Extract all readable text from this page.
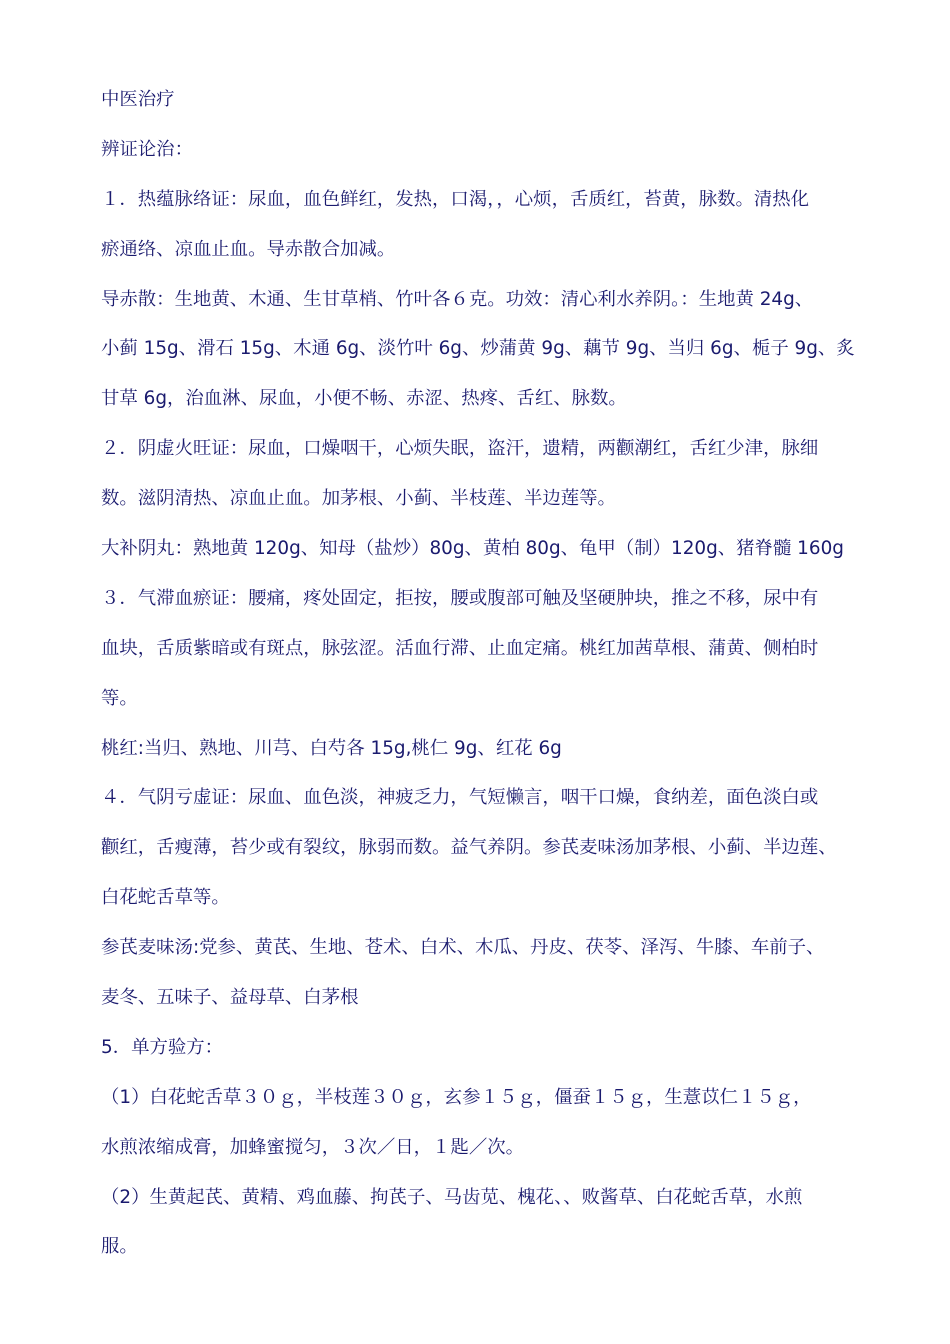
中医治疗
辨证论治：
１．热蕴脉络证：尿血，血色鲜红，发热，口渴，，心烦，舌质红，苔黄，脉数。清热化
瘀通络、凉血止血。导赤散合加减。
导赤散：生地黄、木通、生甘草梢、竹叶各６克。功效：清心利水养阴。：生地黄 24g、
小蓟 15g、滑石 15g、木通 6g、淡竹叶 6g、炒蒲黄 9g、藕节 9g、当归 6g、栀子 9g、炙
甘草 6g，治血淋、尿血，小便不畅、赤涩、热疼、舌红、脉数。
２．阴虚火旺证：尿血，口燥咽干，心烦失眠，盗汗，遗精，两颧潮红，舌红少津，脉细
数。滋阴清热、凉血止血。加茅根、小蓟、半枝莲、半边莲等。
大补阴丸：熟地黄 120g、知母（盐炒）80g、黄柏 80g、龟甲（制）120g、猪脊髓 160g
３．气滞血瘀证：腰痛，疼处固定，拒按，腰或腹部可触及坚硬肿块，推之不移，尿中有
血块，舌质紫暗或有斑点，脉弦涩。活血行滞、止血定痛。桃红加茜草根、蒲黄、侧柏时
等。
桃红:当归、熟地、川芎、白芍各 15g,桃仁 9g、红花 6g
４．气阴亏虚证：尿血、血色淡，神疲乏力，气短懒言，咽干口燥，食纳差，面色淡白或
颧红，舌瘦薄，苔少或有裂纹，脉弱而数。益气养阴。参芪麦味汤加茅根、小蓟、半边莲、
白花蛇舌草等。
参芪麦味汤:党参、黄芪、生地、苍术、白术、木瓜、丹皮、茯苓、泽泻、牛膝、车前子、
麦冬、五味子、益母草、白茅根
5．单方验方：
（1）白花蛇舌草３０ｇ，半枝莲３０ｇ，玄参１５ｇ，僵蚕１５ｇ，生薏苡仁１５ｇ，
水煎浓缩成膏，加蜂蜜搅匀，３次／日，１匙／次。
（2）生黄起芪、黄精、鸡血藤、拘芪子、马齿苋、槐花、、败酱草、白花蛇舌草，水煎
服。
